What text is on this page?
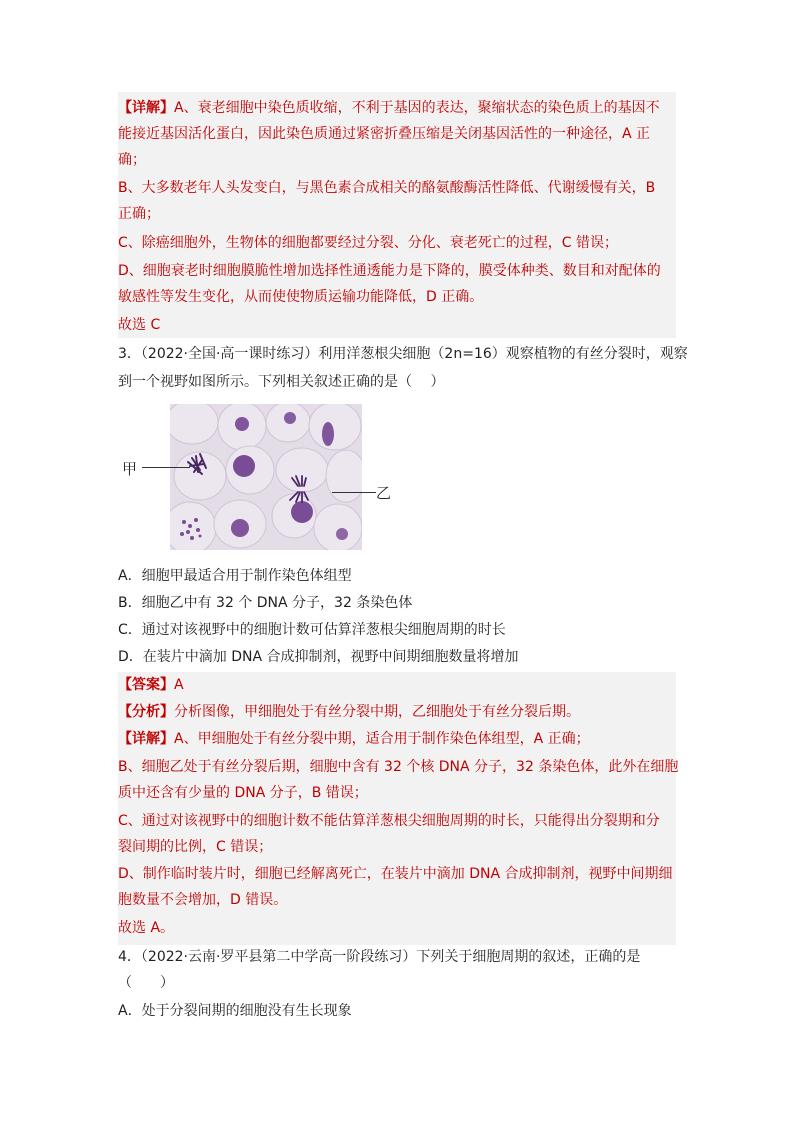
【详解】A、衰老细胞中染色质收缩，不利于基因的表达，聚缩状态的染色质上的基因不
能接近基因活化蛋白，因此染色质通过紧密折叠压缩是关闭基因活性的一种途径，A 正
确；
B、大多数老年人头发变白，与黑色素合成相关的酪氨酸酶活性降低、代谢缓慢有关，B
正确；
C、除癌细胞外，生物体的细胞都要经过分裂、分化、衰老死亡的过程，C 错误；
D、细胞衰老时细胞膜脆性增加选择性通透能力是下降的，膜受体种类、数目和对配体的
敏感性等发生变化，从而使使物质运输功能降低，D 正确。
故选 C
3．（2022·全国·高一课时练习）利用洋葱根尖细胞（2n=16）观察植物的有丝分裂时，观察
到一个视野如图所示。下列相关叙述正确的是（　 ）
甲
乙
A．细胞甲最适合用于制作染色体组型
B．细胞乙中有 32 个 DNA 分子，32 条染色体
C．通过对该视野中的细胞计数可估算洋葱根尖细胞周期的时长
D．在装片中滴加 DNA 合成抑制剂，视野中间期细胞数量将增加
【答案】A
【分析】分析图像，甲细胞处于有丝分裂中期，乙细胞处于有丝分裂后期。
【详解】A、甲细胞处于有丝分裂中期，适合用于制作染色体组型，A 正确；
B、细胞乙处于有丝分裂后期，细胞中含有 32 个核 DNA 分子，32 条染色体，此外在细胞
质中还含有少量的 DNA 分子，B 错误；
C、通过对该视野中的细胞计数不能估算洋葱根尖细胞周期的时长，只能得出分裂期和分
裂间期的比例，C 错误；
D、制作临时装片时，细胞已经解离死亡，在装片中滴加 DNA 合成抑制剂，视野中间期细
胞数量不会增加，D 错误。
故选 A。
4．（2022·云南·罗平县第二中学高一阶段练习）下列关于细胞周期的叙述，正确的是
（　　）
A．处于分裂间期的细胞没有生长现象
